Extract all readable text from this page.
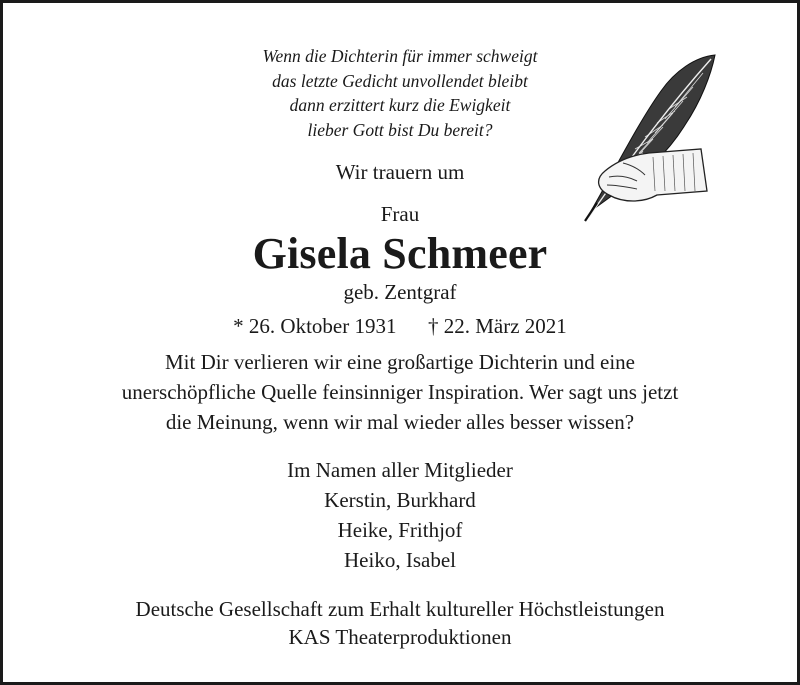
Wenn die Dichterin für immer schweigt
das letzte Gedicht unvollendet bleibt
dann erzittert kurz die Ewigkeit
lieber Gott bist Du bereit?
Wir trauern um
Frau
Gisela Schmeer
geb. Zentgraf
* 26. Oktober 1931 † 22. März 2021
Mit Dir verlieren wir eine großartige Dichterin und eine
unerschöpfliche Quelle feinsinniger Inspiration. Wer sagt uns jetzt
die Meinung, wenn wir mal wieder alles besser wissen?
Im Namen aller Mitglieder
Kerstin, Burkhard
Heike, Frithjof
Heiko, Isabel
Deutsche Gesellschaft zum Erhalt kultureller Höchstleistungen
KAS Theaterproduktionen
